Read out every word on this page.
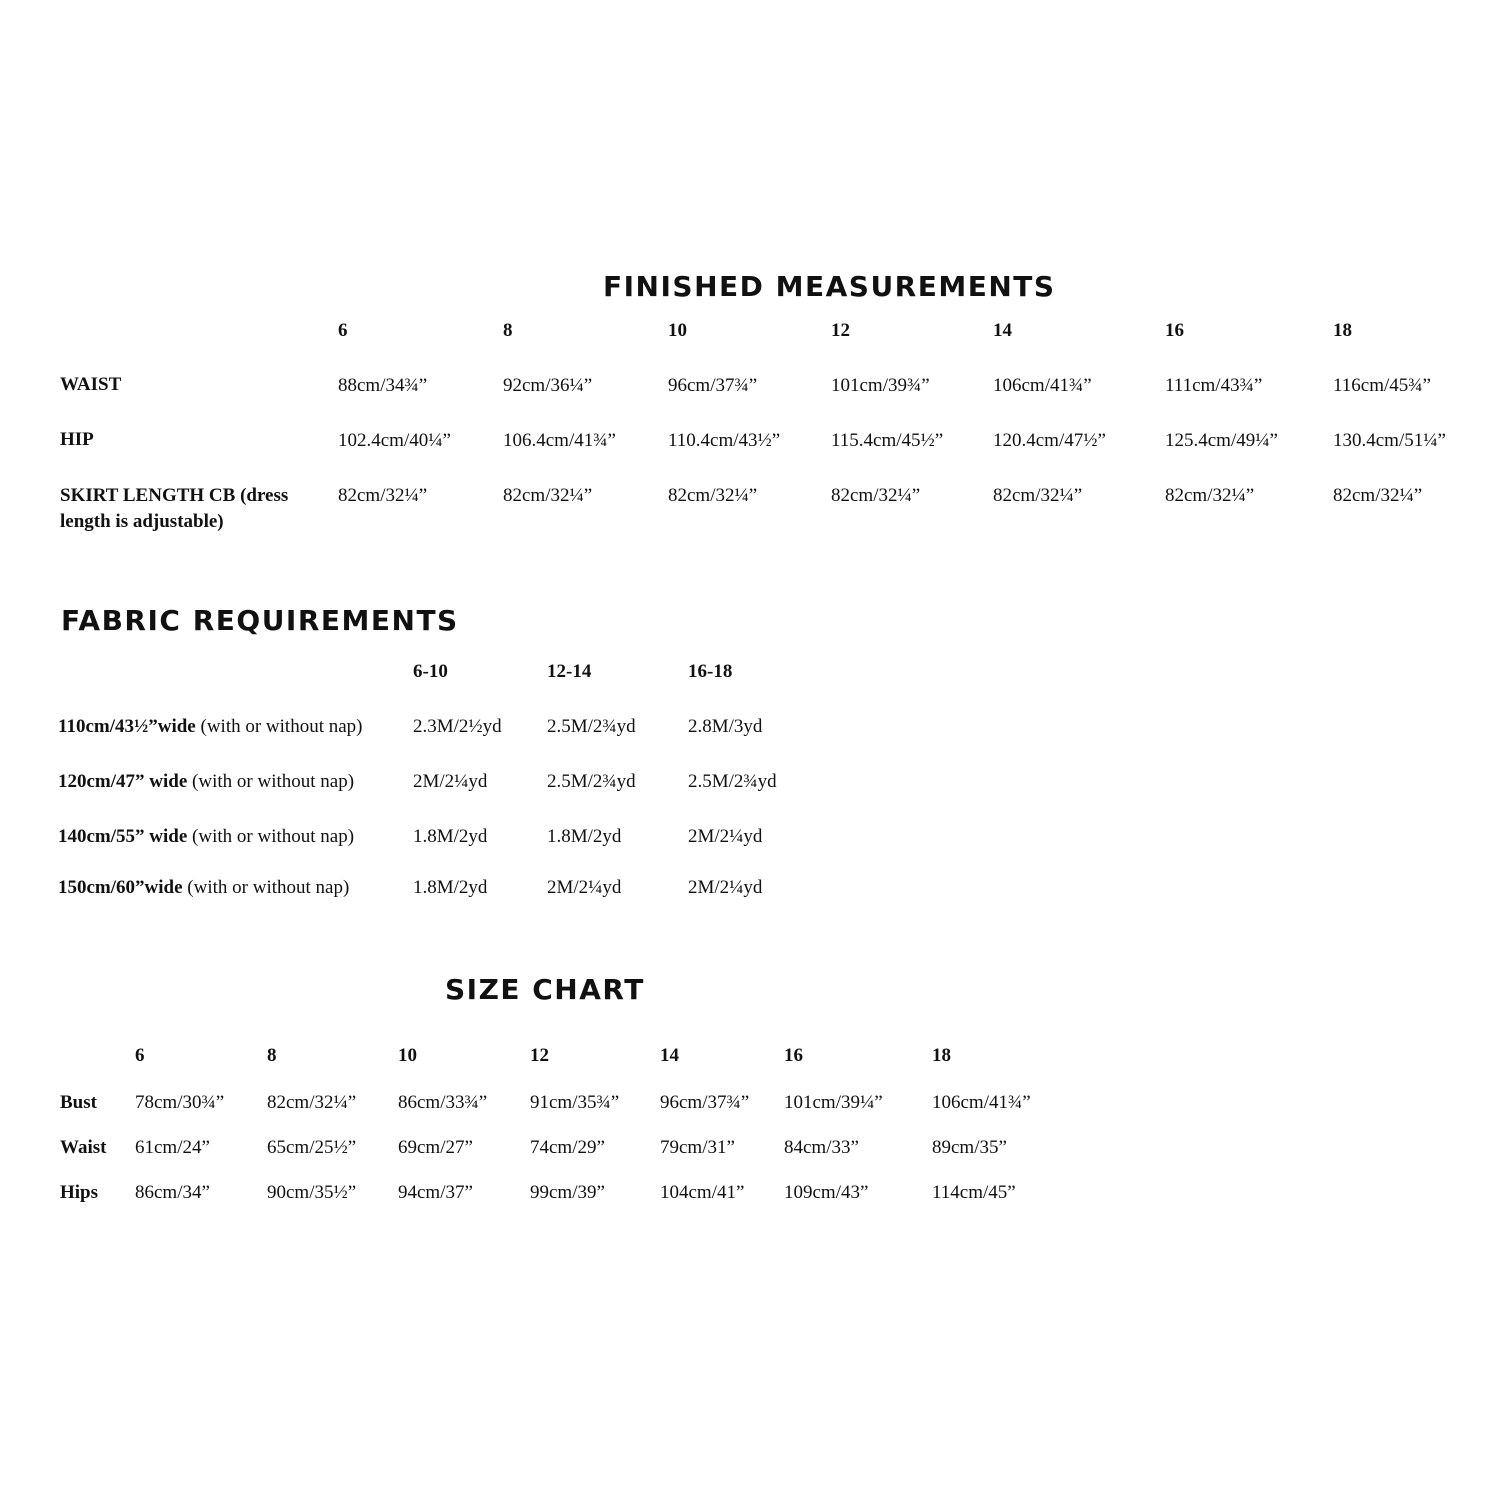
FINISHED MEASUREMENTS
6	8	10	12	14	16	18
WAIST	88cm/34¾”	92cm/36¼”	96cm/37¾”	101cm/39¾”	106cm/41¾”	111cm/43¾”	116cm/45¾”
HIP	102.4cm/40¼”	106.4cm/41¾”	110.4cm/43½”	115.4cm/45½”	120.4cm/47½”	125.4cm/49¼”	130.4cm/51¼”
SKIRT LENGTH CB (dress length is adjustable)
82cm/32¼”	82cm/32¼”	82cm/32¼”	82cm/32¼”	82cm/32¼”	82cm/32¼”	82cm/32¼”
FABRIC REQUIREMENTS
6-10	12-14	16-18
110cm/43½”wide (with or without nap)	2.3M/2½yd 2.5M/2¾yd	2.8M/3yd
120cm/47” wide (with or without nap)	2M/2¼yd	2.5M/2¾yd	2.5M/2¾yd
140cm/55” wide (with or without nap)	1.8M/2yd	1.8M/2yd	2M/2¼yd
150cm/60”wide (with or without nap)	1.8M/2yd	2M/2¼yd	2M/2¼yd
SIZE CHART
6	8	10	12	14	16	18
Bust 78cm/30¾” 82cm/32¼” 86cm/33¾” 91cm/35¾” 96cm/37¾” 101cm/39¼”	106cm/41¾”
Waist 61cm/24”	65cm/25½” 69cm/27”	74cm/29”	79cm/31”	84cm/33”	89cm/35”
Hips 86cm/34”	90cm/35½” 94cm/37”	99cm/39”	104cm/41” 109cm/43”	114cm/45”
